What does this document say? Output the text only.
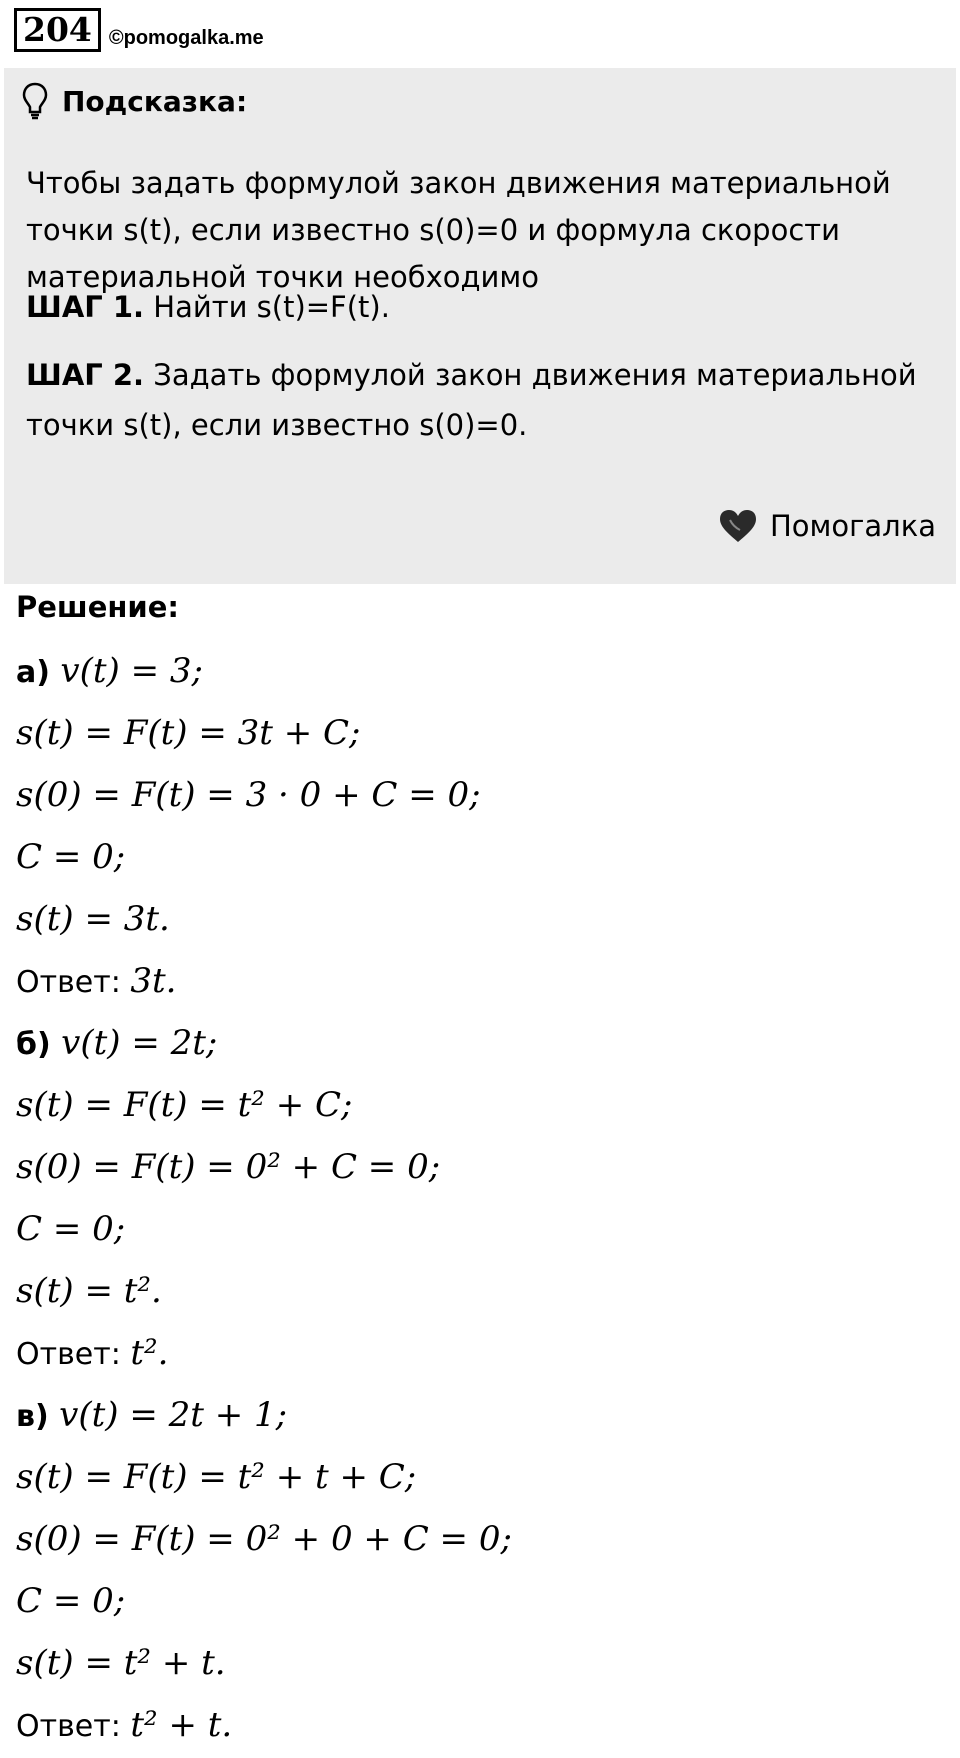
204 ©pomogalka.me
Подсказка:
Чтобы задать формулой закон движения материальной точки s(t), если известно s(0)=0 и формула скорости материальной точки необходимо
ШАГ 1. Найти s(t)=F(t).
ШАГ 2. Задать формулой закон движения материальной точки s(t), если известно s(0)=0.
Помогалка
Решение:
а) v(t) = 3;
s(t) = F(t) = 3t + C;
s(0) = F(t) = 3 · 0 + C = 0;
C = 0;
s(t) = 3t.
Ответ: 3t.
б) v(t) = 2t;
s(t) = F(t) = t² + C;
s(0) = F(t) = 0² + C = 0;
C = 0;
s(t) = t².
Ответ: t².
в) v(t) = 2t + 1;
s(t) = F(t) = t² + t + C;
s(0) = F(t) = 0² + 0 + C = 0;
C = 0;
s(t) = t² + t.
Ответ: t² + t.
